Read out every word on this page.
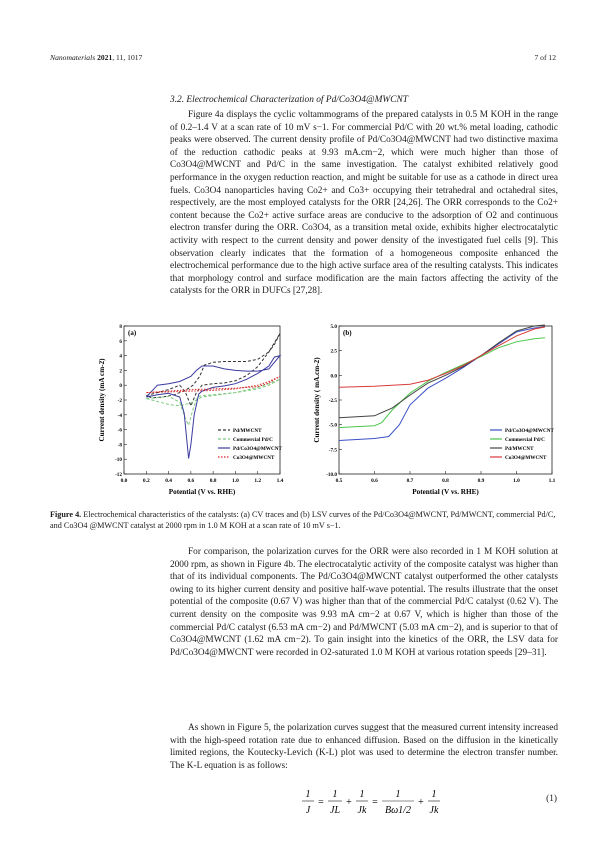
Nanomaterials 2021, 11, 1017	7 of 12
3.2. Electrochemical Characterization of Pd/Co3O4@MWCNT

Figure 4a displays the cyclic voltammograms of the prepared catalysts in 0.5 M KOH in the range of 0.2–1.4 V at a scan rate of 10 mV s−1. For commercial Pd/C with 20 wt.% metal loading, cathodic peaks were observed. The current density profile of Pd/Co3O4@MWCNT had two distinctive maxima of the reduction cathodic peaks at 9.93 mA.cm−2, which were much higher than those of Co3O4@MWCNT and Pd/C in the same investigation. The catalyst exhibited relatively good performance in the oxygen reduction reaction, and might be suitable for use as a cathode in direct urea fuels. Co3O4 nanoparticles having Co2+ and Co3+ occupying their tetrahedral and octahedral sites, respectively, are the most employed catalysts for the ORR [24,26]. The ORR corresponds to the Co2+ content because the Co2+ active surface areas are conducive to the adsorption of O2 and continuous electron transfer during the ORR. Co3O4, as a transition metal oxide, exhibits higher electrocatalytic activity with respect to the current density and power density of the investigated fuel cells [9]. This observation clearly indicates that the formation of a homogeneous composite enhanced the electrochemical performance due to the high active surface area of the resulting catalysts. This indicates that morphology control and surface modification are the main factors affecting the activity of the catalysts for the ORR in DUFCs [27,28].

0.0	0.2	0.4	0.6	0.8	1.0	1.2	1.4
-12
-10
-8
-6
-4
-2
0
2
4
6
8
Potential (V vs. RHE)
Current density (mA cm-2)
(a)
Pd/MWCNT
Commercial Pd/C
Pd/Co3O4@MWCNT
Co3O4@MWCNT
0.5	0.6	0.7	0.8	0.9	1.0	1.1
-10.0
-7.5
-5.0
-2.5
0.0
2.5
5.0
Potential (V vs. RHE)
Current density ( mA.cm-2)
(b)
Pd/Co3O4@MWCNT
Commercial Pd/C
Pd/MWCNT
Co3O4@MWCNT

Figure 4. Electrochemical characteristics of the catalysts: (a) CV traces and (b) LSV curves of the Pd/Co3O4@MWCNT, Pd/MWCNT, commercial Pd/C, and Co3O4 @MWCNT catalyst at 2000 rpm in 1.0 M KOH at a scan rate of 10 mV s−1.

For comparison, the polarization curves for the ORR were also recorded in 1 M KOH solution at 2000 rpm, as shown in Figure 4b. The electrocatalytic activity of the composite catalyst was higher than that of its individual components. The Pd/Co3O4@MWCNT catalyst outperformed the other catalysts owing to its higher current density and positive half-wave potential. The results illustrate that the onset potential of the composite (0.67 V) was higher than that of the commercial Pd/C catalyst (0.62 V). The current density on the composite was 9.93 mA cm−2 at 0.67 V, which is higher than those of the commercial Pd/C catalyst (6.53 mA cm−2) and Pd/MWCNT (5.03 mA cm−2), and is superior to that of Co3O4@MWCNT (1.62 mA cm−2). To gain insight into the kinetics of the ORR, the LSV data for Pd/Co3O4@MWCNT were recorded in O2-saturated 1.0 M KOH at various rotation speeds [29–31].

As shown in Figure 5, the polarization curves suggest that the measured current intensity increased with the high-speed rotation rate due to enhanced diffusion. Based on the diffusion in the kinetically limited regions, the Koutecky-Levich (K-L) plot was used to determine the electron transfer number. The K-L equation is as follows:

1
J
=
1
JL
+
1
Jk
=
1
Bω1/2
+
1
Jk
(1)
